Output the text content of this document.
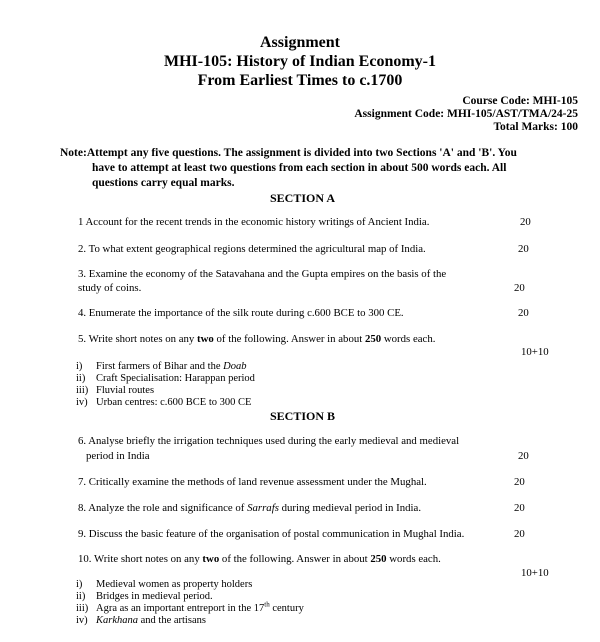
Assignment
MHI-105: History of Indian Economy-1
From Earliest Times to c.1700
Course Code: MHI-105
Assignment Code: MHI-105/AST/TMA/24-25
Total Marks: 100
Note:Attempt any five questions. The assignment is divided into two Sections 'A' and 'B'. You
have to attempt at least two questions from each section in about 500 words each. All
questions carry equal marks.
SECTION A
1 Account for the recent trends in the economic history writings of Ancient India.	20
2. To what extent geographical regions determined the agricultural map of India.	20
3. Examine the economy of the Satavahana and the Gupta empires on the basis of the
study of coins.	20
4. Enumerate the importance of the silk route during c.600 BCE to 300 CE.	20
5. Write short notes on any two of the following. Answer in about 250 words each.
10+10
i) First farmers of Bihar and the Doab
ii) Craft Specialisation: Harappan period
iii) Fluvial routes
iv) Urban centres: c.600 BCE to 300 CE
SECTION B
6. Analyse briefly the irrigation techniques used during the early medieval and medieval
period in India	20
7. Critically examine the methods of land revenue assessment under the Mughal.	20
8. Analyze the role and significance of Sarrafs during medieval period in India.	20
9. Discuss the basic feature of the organisation of postal communication in Mughal India.	20
10. Write short notes on any two of the following. Answer in about 250 words each.
10+10
i) Medieval women as property holders
ii) Bridges in medieval period.
iii) Agra as an important entreport in the 17th century
iv) Karkhana and the artisans
